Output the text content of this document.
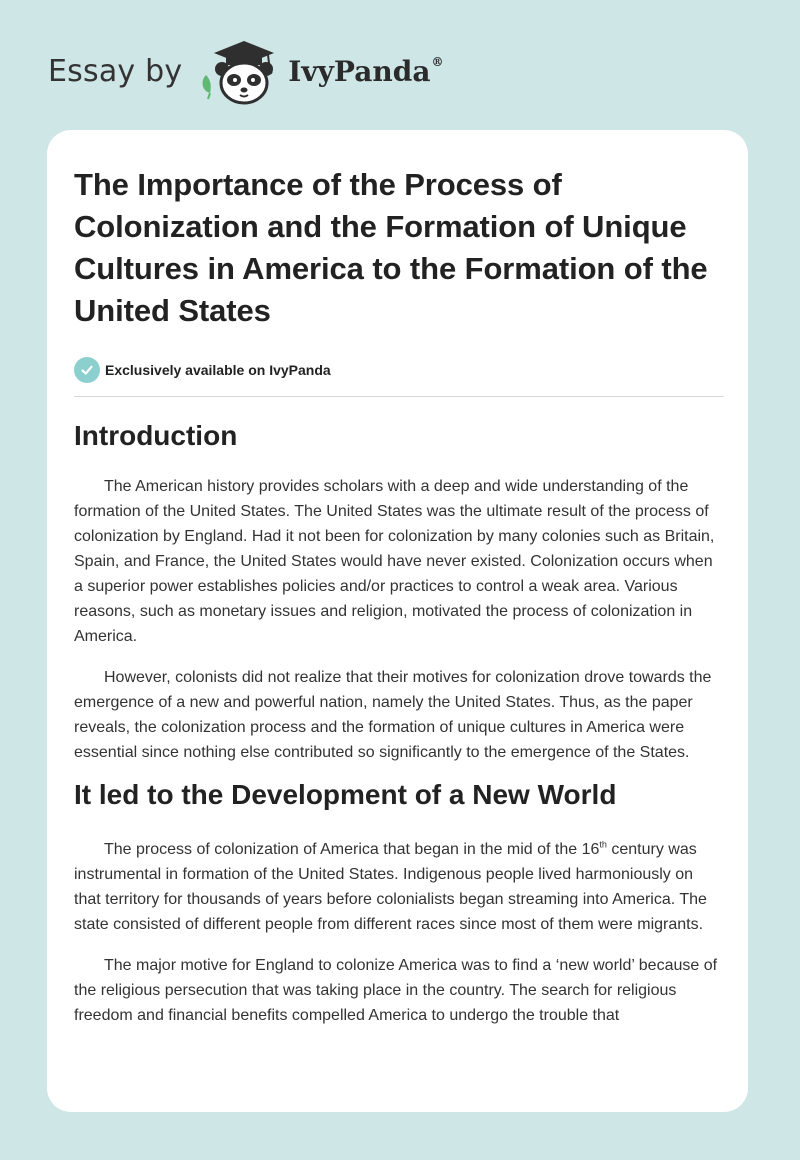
Essay by	IvyPanda®
The Importance of the Process of Colonization and the Formation of Unique Cultures in America to the Formation of the United States
Exclusively available on IvyPanda
Introduction

The American history provides scholars with a deep and wide understanding of the formation of the United States. The United States was the ultimate result of the process of colonization by England. Had it not been for colonization by many colonies such as Britain, Spain, and France, the United States would have never existed. Colonization occurs when a superior power establishes policies and/or practices to control a weak area. Various reasons, such as monetary issues and religion, motivated the process of colonization in America.

However, colonists did not realize that their motives for colonization drove towards the emergence of a new and powerful nation, namely the United States. Thus, as the paper reveals, the colonization process and the formation of unique cultures in America were essential since nothing else contributed so significantly to the emergence of the States.

It led to the Development of a New World

The process of colonization of America that began in the mid of the 16th century was instrumental in formation of the United States. Indigenous people lived harmoniously on that territory for thousands of years before colonialists began streaming into America. The state consisted of different people from different races since most of them were migrants.

The major motive for England to colonize America was to find a ‘new world’ because of the religious persecution that was taking place in the country. The search for religious freedom and financial benefits compelled America to undergo the trouble that
